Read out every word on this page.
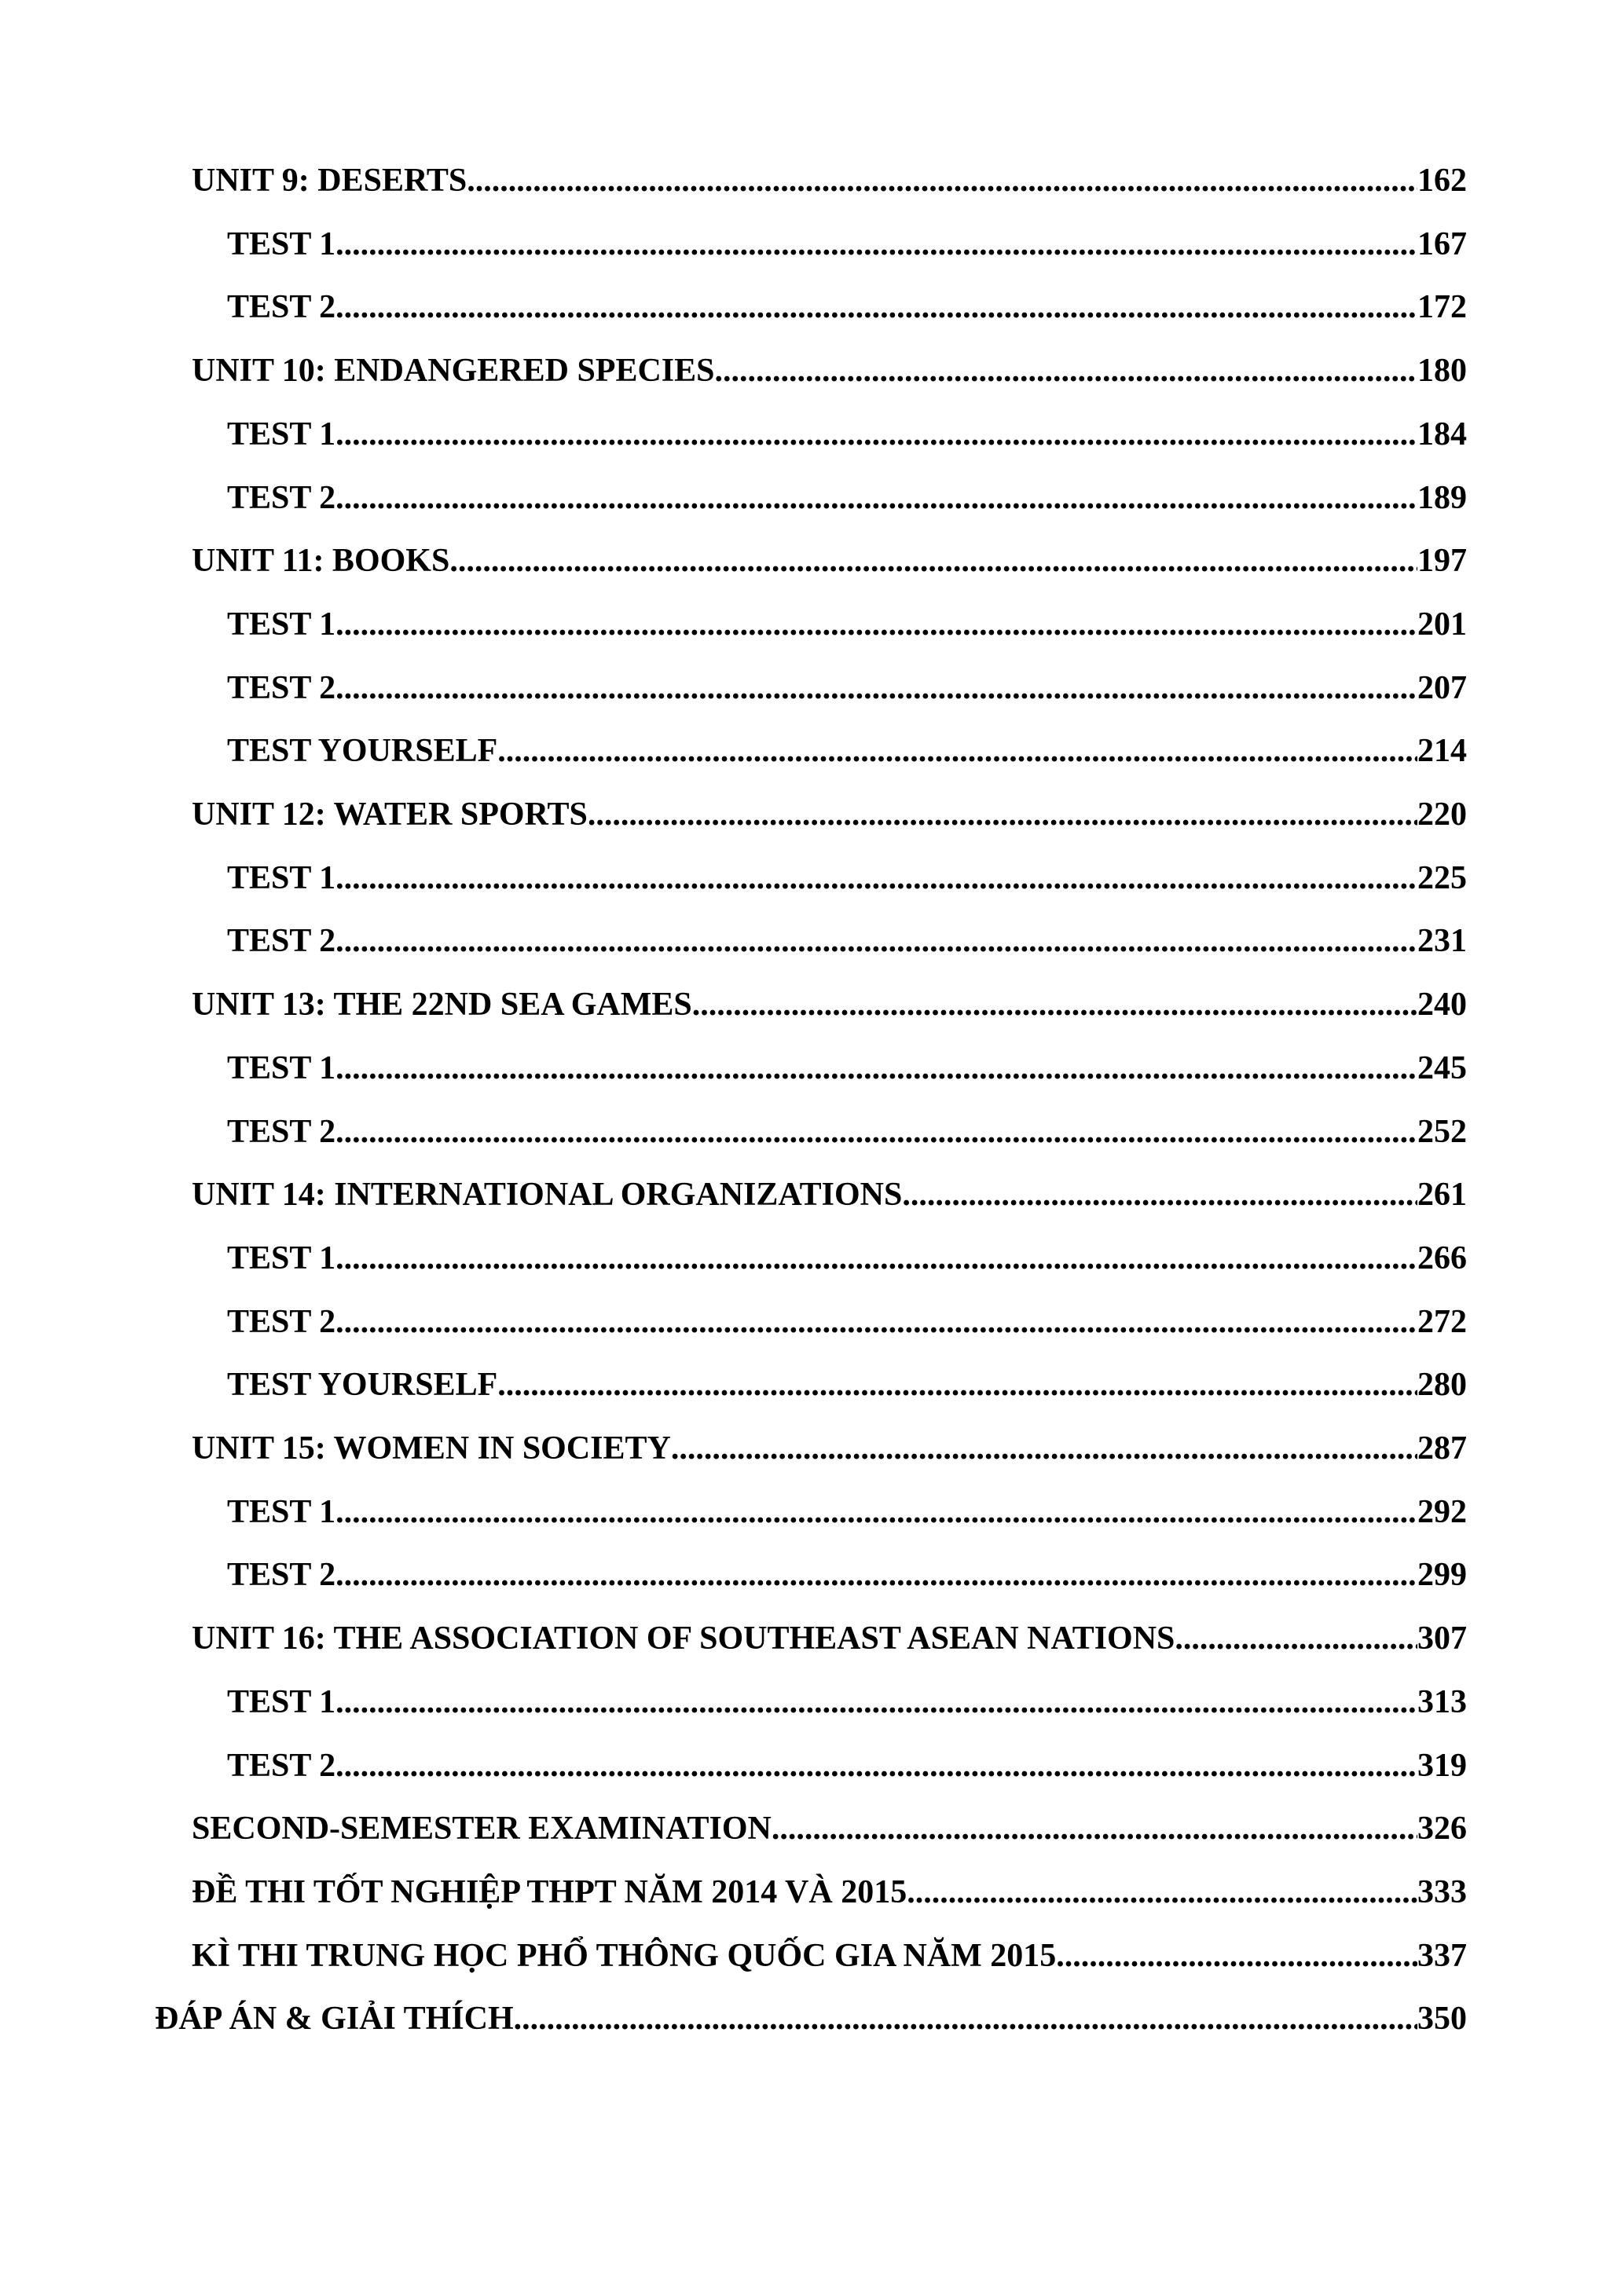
UNIT 9: DESERTS .....	162
TEST 1 .....	167
TEST 2 .....	172
UNIT 10: ENDANGERED SPECIES .....	180
TEST 1 .....	184
TEST 2 .....	189
UNIT 11: BOOKS .....	197
TEST 1 .....	201
TEST 2 .....	207
TEST YOURSELF .....	214
UNIT 12: WATER SPORTS .....	220
TEST 1 .....	225
TEST 2 .....	231
UNIT 13: THE 22ND SEA GAMES .....	240
TEST 1 .....	245
TEST 2 .....	252
UNIT 14: INTERNATIONAL ORGANIZATIONS .....	261
TEST 1 .....	266
TEST 2 .....	272
TEST YOURSELF .....	280
UNIT 15: WOMEN IN SOCIETY .....	287
TEST 1 .....	292
TEST 2 .....	299
UNIT 16: THE ASSOCIATION OF SOUTHEAST ASEAN NATIONS .....	307
TEST 1 .....	313
TEST 2 .....	319
SECOND-SEMESTER EXAMINATION .....	326
ĐỀ THI TỐT NGHIỆP THPT NĂM 2014 VÀ 2015 .....	333
KÌ THI TRUNG HỌC PHỔ THÔNG QUỐC GIA NĂM 2015 .....	337
ĐÁP ÁN & GIẢI THÍCH .....	350
